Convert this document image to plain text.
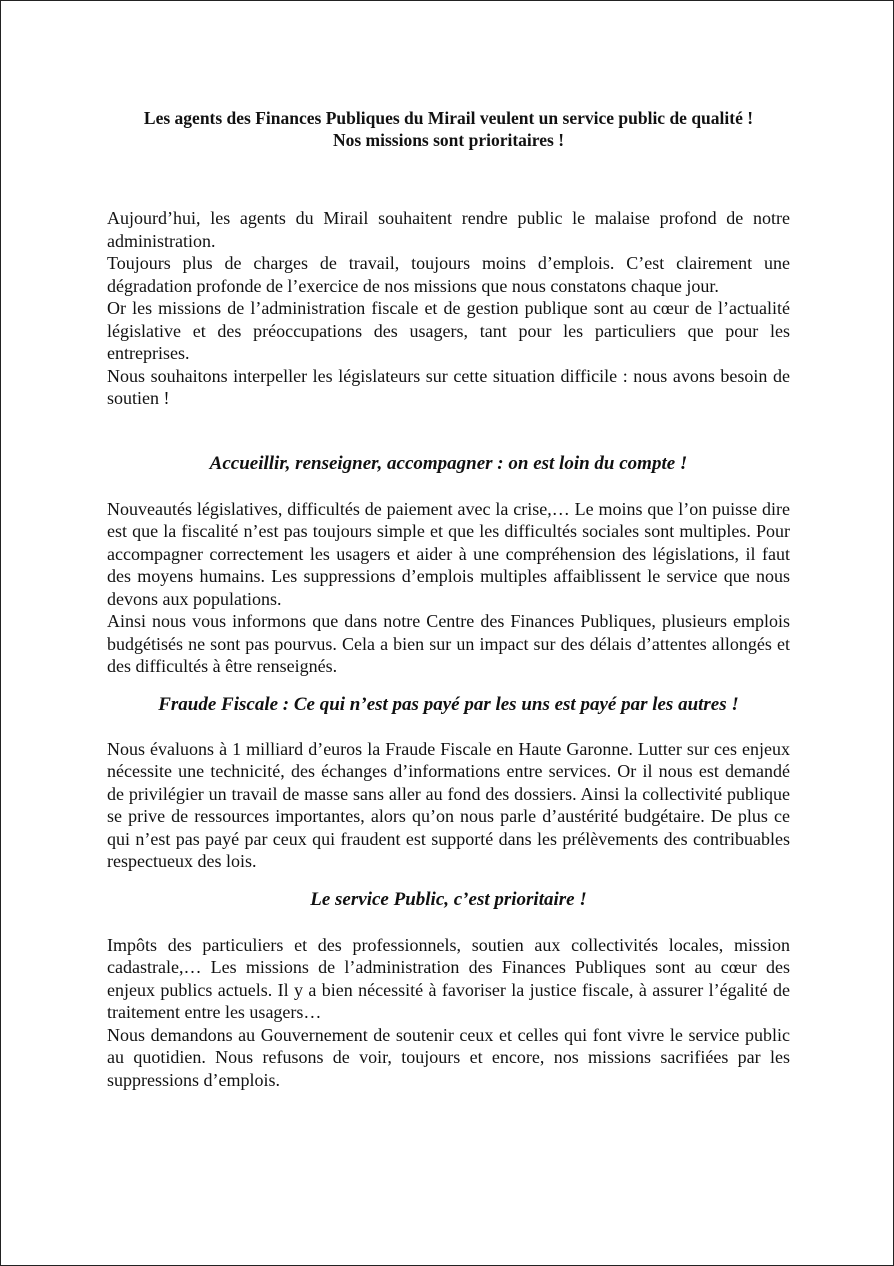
Les agents des Finances Publiques du Mirail veulent un service public de qualité !

Nos missions sont prioritaires !

Aujourd’hui, les agents du Mirail souhaitent rendre public le malaise profond de notre administration.

Toujours plus de charges de travail, toujours moins d’emplois. C’est clairement une dégradation profonde de l’exercice de nos missions que nous constatons chaque jour.

Or les missions de l’administration fiscale et de gestion publique sont au cœur de l’actualité législative et des préoccupations des usagers, tant pour les particuliers que pour les entreprises.

Nous souhaitons interpeller les législateurs sur cette situation difficile : nous avons besoin de soutien !

Accueillir, renseigner, accompagner : on est loin du compte !

Nouveautés législatives, difficultés de paiement avec la crise,… Le moins que l’on puisse dire est que la fiscalité n’est pas toujours simple et que les difficultés sociales sont multiples. Pour accompagner correctement les usagers et aider à une compréhension des législations, il faut des moyens humains. Les suppressions d’emplois multiples affaiblissent le service que nous devons aux populations.

Ainsi nous vous informons que dans notre Centre des Finances Publiques, plusieurs emplois budgétisés ne sont pas pourvus. Cela a bien sur un impact sur des délais d’attentes allongés et des difficultés à être renseignés.

Fraude Fiscale : Ce qui n’est pas payé par les uns est payé par les autres !

Nous évaluons à 1 milliard d’euros la Fraude Fiscale en Haute Garonne. Lutter sur ces enjeux nécessite une technicité, des échanges d’informations entre services. Or il nous est demandé de privilégier un travail de masse sans aller au fond des dossiers. Ainsi la collectivité publique se prive de ressources importantes, alors qu’on nous parle d’austérité budgétaire. De plus ce qui n’est pas payé par ceux qui fraudent est supporté dans les prélèvements des contribuables respectueux des lois.

Le service Public, c’est prioritaire !

Impôts des particuliers et des professionnels, soutien aux collectivités locales, mission cadastrale,… Les missions de l’administration des Finances Publiques sont au cœur des enjeux publics actuels. Il y a bien nécessité à favoriser la justice fiscale, à assurer l’égalité de traitement entre les usagers…

Nous demandons au Gouvernement de soutenir ceux et celles qui font vivre le service public au quotidien. Nous refusons de voir, toujours et encore, nos missions sacrifiées par les suppressions d’emplois.
